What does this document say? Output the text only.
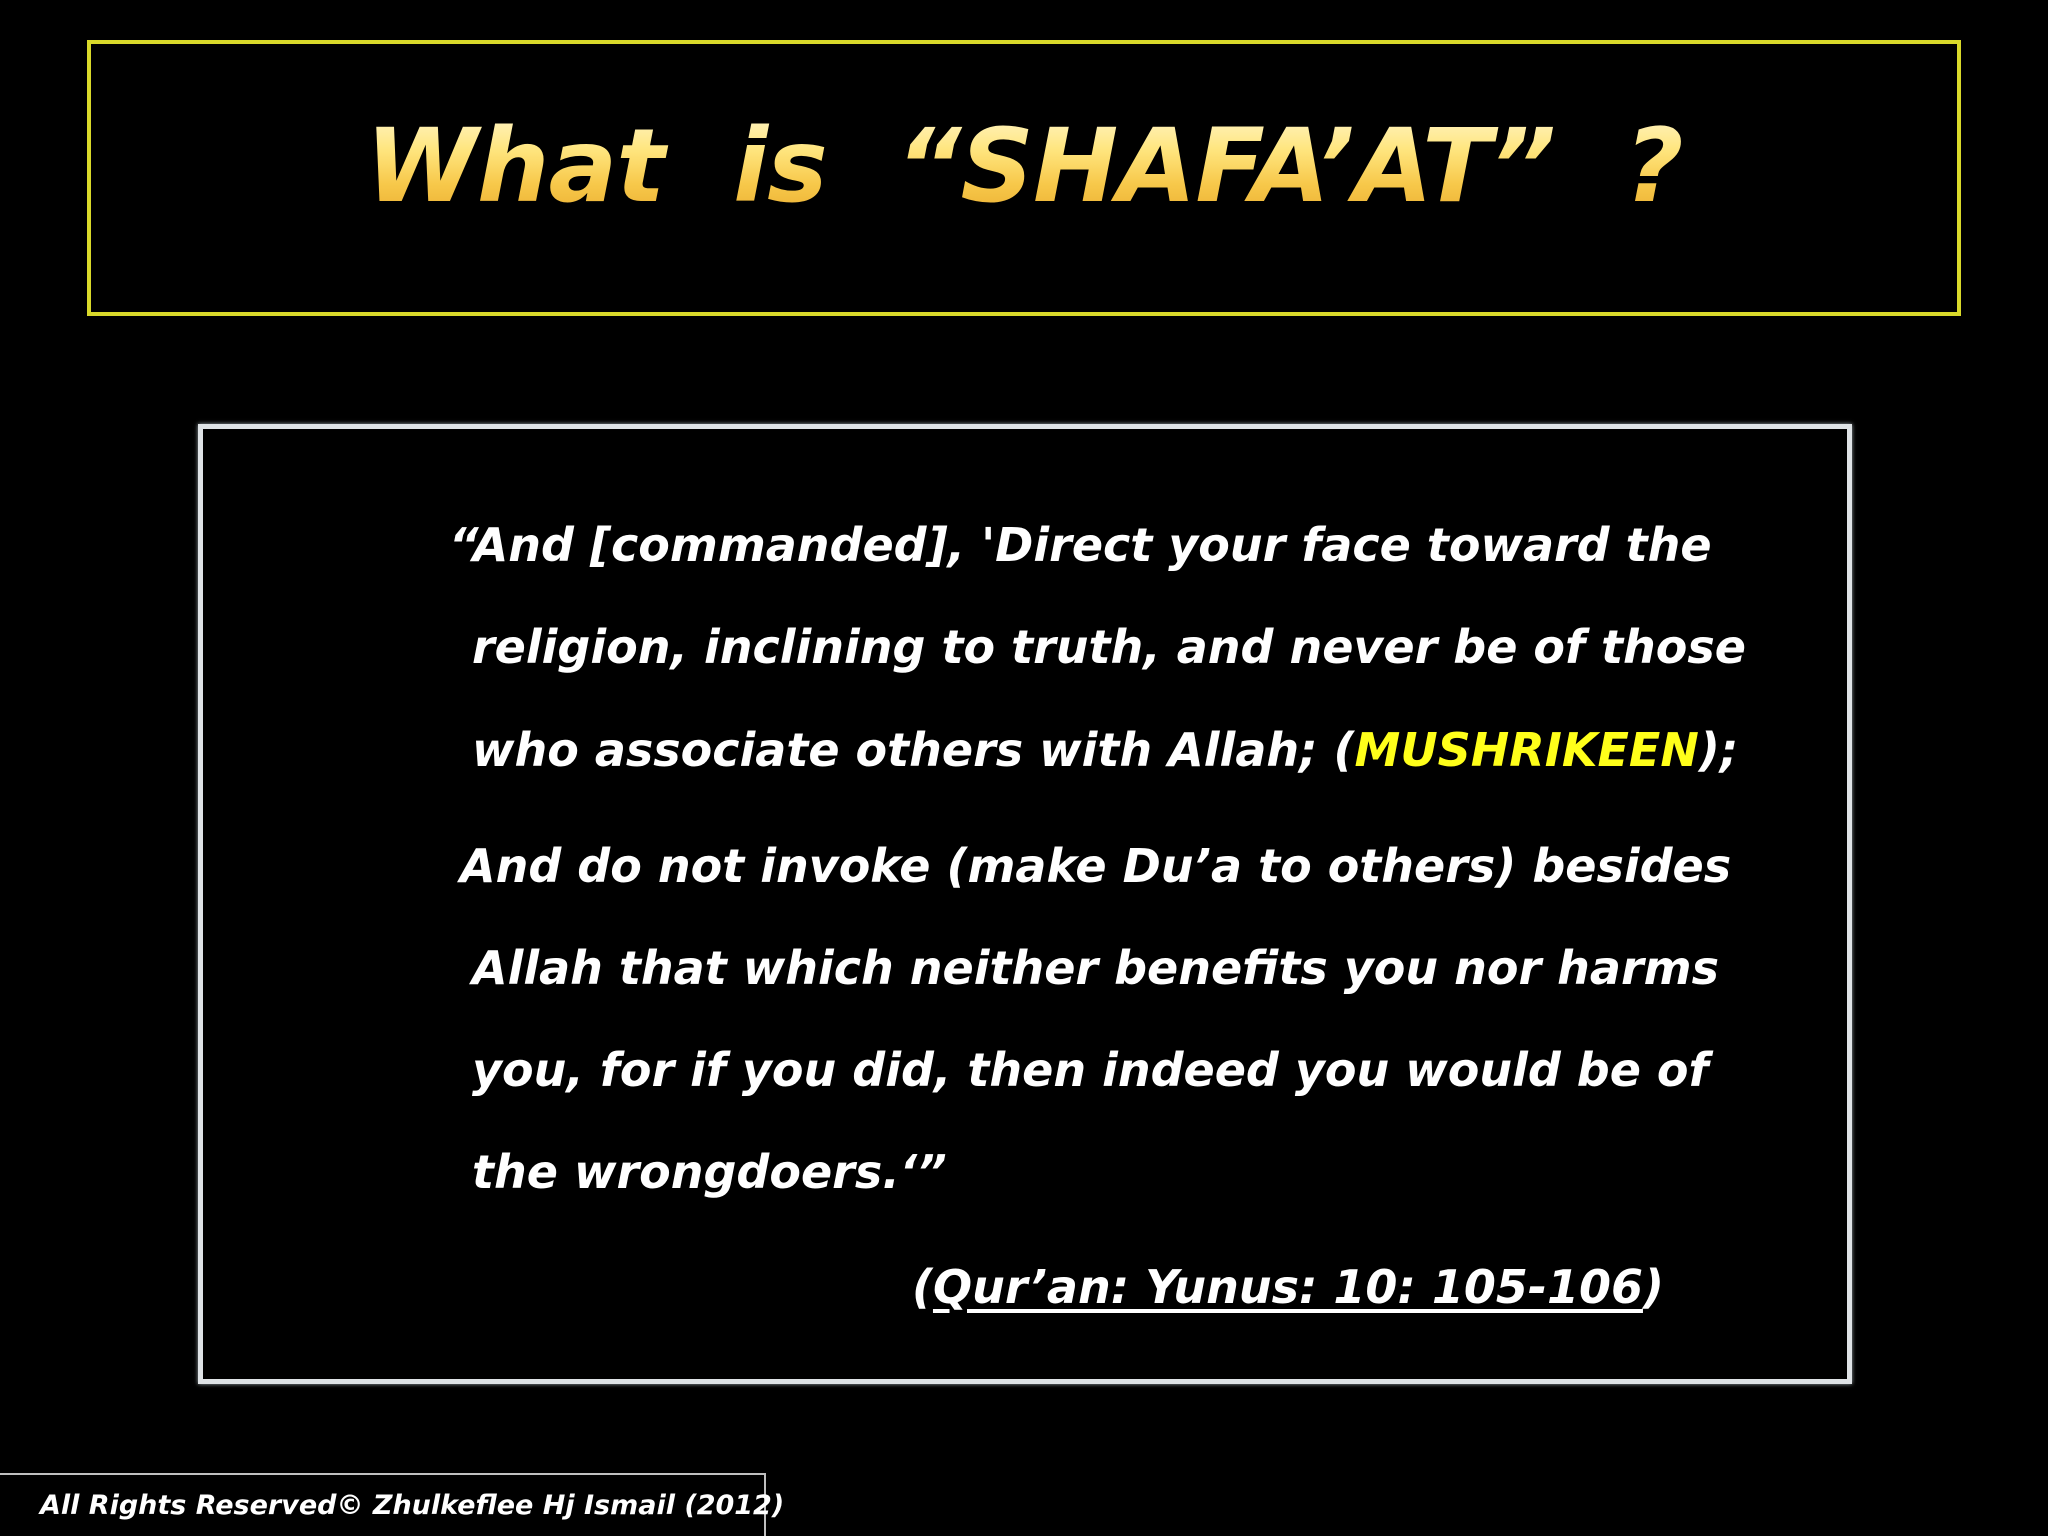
What  is  “SHAFA’AT”  ?
“And [commanded], 'Direct your face toward the
religion, inclining to truth, and never be of those
who associate others with Allah; (MUSHRIKEEN);
And do not invoke (make Du’a to others) besides
Allah that which neither benefits you nor harms
you, for if you did, then indeed you would be of
the wrongdoers.‘”
(Qur’an: Yunus: 10: 105-106)
All Rights Reserved© Zhulkeflee Hj Ismail (2012)
